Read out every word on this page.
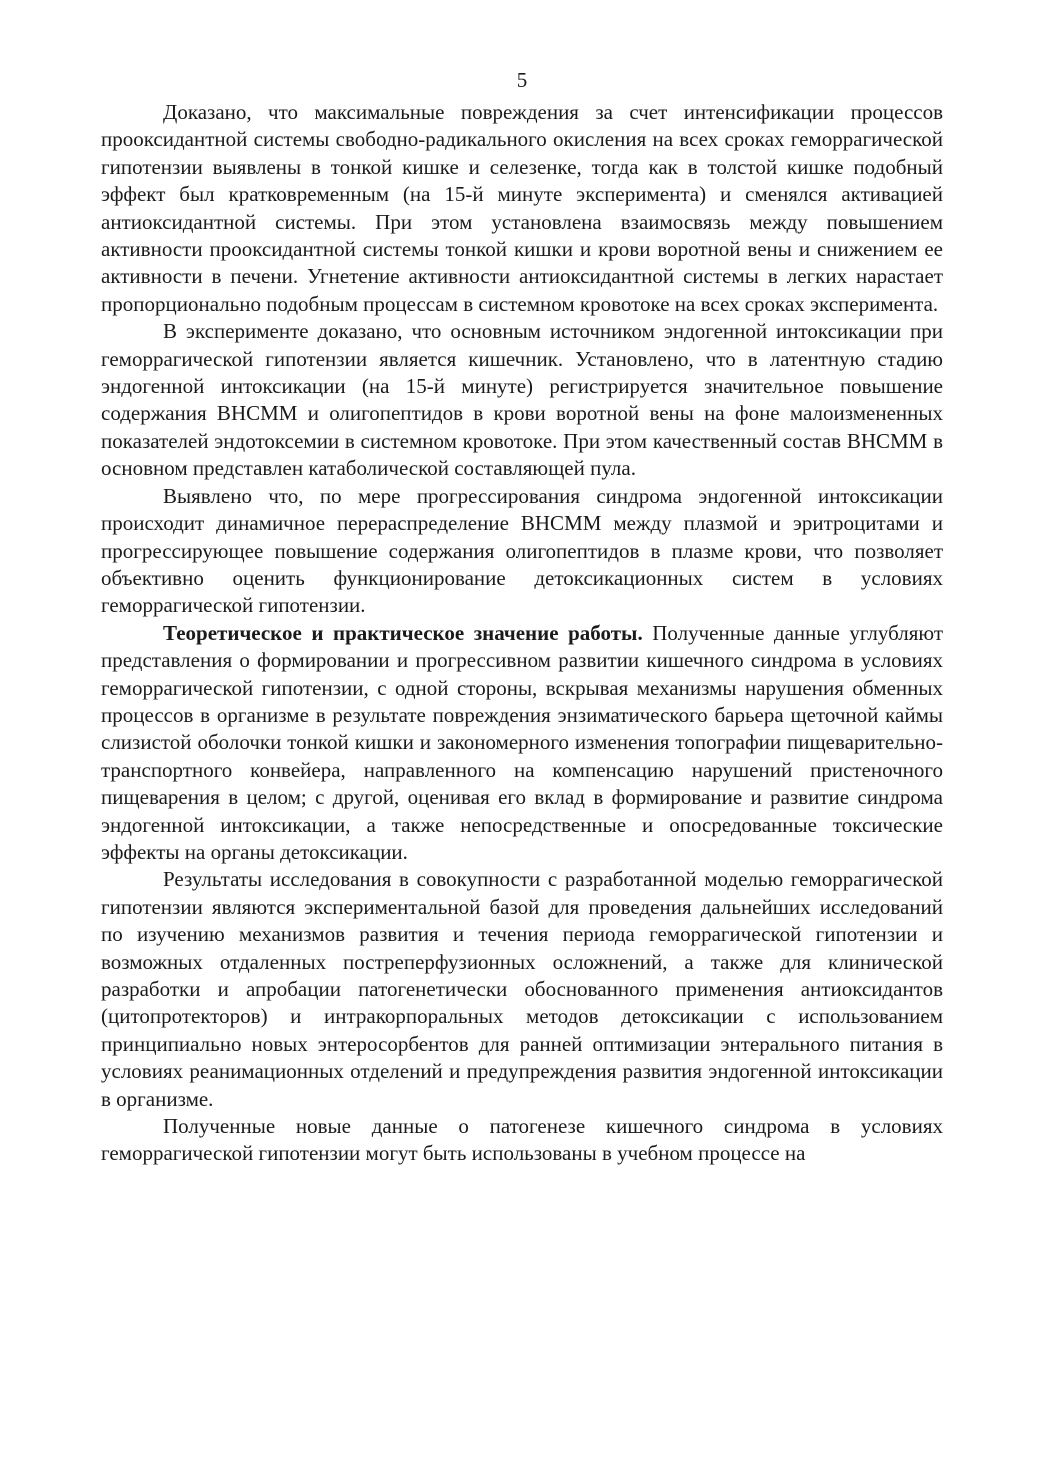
5

Доказано, что максимальные повреждения за счет интенсификации процессов прооксидантной системы свободно-радикального окисления на всех сроках геморрагической гипотензии выявлены в тонкой кишке и селезенке, тогда как в толстой кишке подобный эффект был кратковременным (на 15-й минуте эксперимента) и сменялся активацией антиоксидантной системы. При этом установлена взаимосвязь между повышением активности прооксидантной системы тонкой кишки и крови воротной вены и снижением ее активности в печени. Угнетение активности антиоксидантной системы в легких нарастает пропорционально подобным процессам в системном кровотоке на всех сроках эксперимента.

В эксперименте доказано, что основным источником эндогенной интоксикации при геморрагической гипотензии является кишечник. Установлено, что в латентную стадию эндогенной интоксикации (на 15-й минуте) регистрируется значительное повышение содержания ВНСММ и олигопептидов в крови воротной вены на фоне малоизмененных показателей эндотоксемии в системном кровотоке. При этом качественный состав ВНСММ в основном представлен катаболической составляющей пула.

Выявлено что, по мере прогрессирования синдрома эндогенной интоксикации происходит динамичное перераспределение ВНСММ между плазмой и эритроцитами и прогрессирующее повышение содержания олигопептидов в плазме крови, что позволяет объективно оценить функционирование детоксикационных систем в условиях геморрагической гипотензии.

Теоретическое и практическое значение работы. Полученные данные углубляют представления о формировании и прогрессивном развитии кишечного синдрома в условиях геморрагической гипотензии, с одной стороны, вскрывая механизмы нарушения обменных процессов в организме в результате повреждения энзиматического барьера щеточной каймы слизистой оболочки тонкой кишки и закономерного изменения топографии пищеварительно-транспортного конвейера, направленного на компенсацию нарушений пристеночного пищеварения в целом; с другой, оценивая его вклад в формирование и развитие синдрома эндогенной интоксикации, а также непосредственные и опосредованные токсические эффекты на органы детоксикации.

Результаты исследования в совокупности с разработанной моделью геморрагической гипотензии являются экспериментальной базой для проведения дальнейших исследований по изучению механизмов развития и течения периода геморрагической гипотензии и возможных отдаленных постреперфузионных осложнений, а также для клинической разработки и апробации патогенетически обоснованного применения антиоксидантов (цитопротекторов) и интракорпоральных методов детоксикации с использованием принципиально новых энтеросорбентов для ранней оптимизации энтерального питания в условиях реанимационных отделений и предупреждения развития эндогенной интоксикации в организме.

Полученные новые данные о патогенезе кишечного синдрома в условиях геморрагической гипотензии могут быть использованы в учебном процессе на
